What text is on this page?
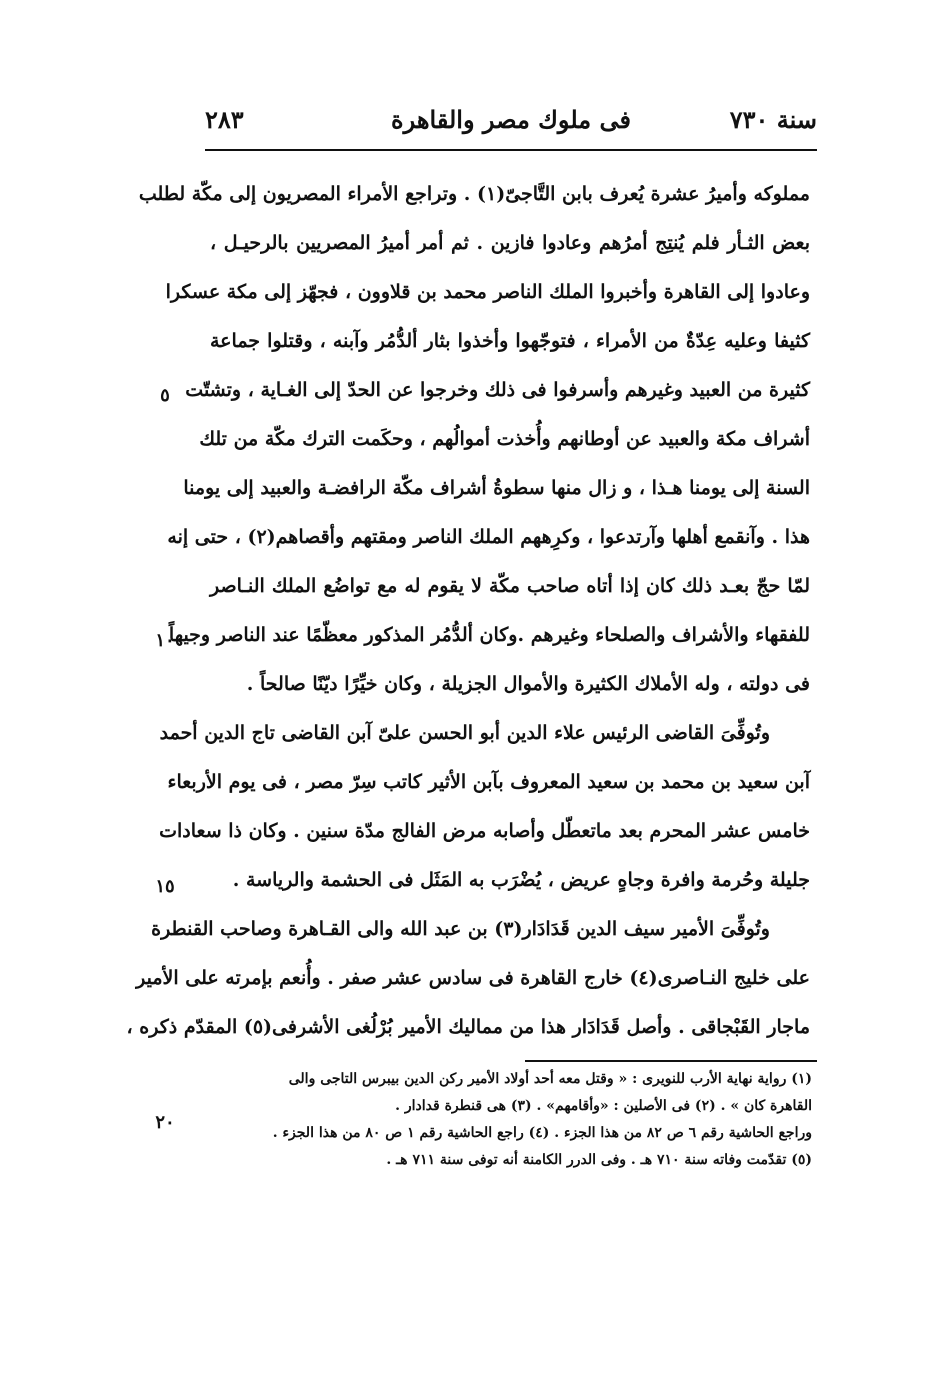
سنة ٧٣٠
فى ملوك مصر والقاهرة
٢٨٣
مملوكه وأميرُ عشرة يُعرف بابن التَّاجىّ(١) . وتراجع الأمراء المصريون إلى مكّة لطلب
بعض الثـأر فلم يُنتِج أمرُهم وعادوا فازين . ثم أمر أميرُ المصريين بالرحيـل ،
وعادوا إلى القاهرة وأخبروا الملك الناصر محمد بن قلاوون ، فجهّز إلى مكة عسكرا
كثيفا وعليه عِدّةٌ من الأمراء ، فتوجّهوا وأخذوا بثار ألدُّمُر وآبنه ، وقتلوا جماعة
كثيرة من العبيد وغيرهم وأسرفوا فى ذلك وخرجوا عن الحدّ إلى الغـاية ، وتشتّت
أشراف مكة والعبيد عن أوطانهم وأُخذت أموالُهم ، وحكَمت الترك مكّة من تلك
السنة إلى يومنا هـذا ، و زال منها سطوةُ أشراف مكّة الرافضـة والعبيد إلى يومنا
هذا . وآنقمع أهلها وآرتدعوا ، وكرِههم الملك الناصر ومقتهم وأقصاهم(٢) ، حتى إنه
لمّا حجّ بعـد ذلك كان إذا أتاه صاحب مكّة لا يقوم له مع تواضُع الملك النـاصر
للفقهاء والأشراف والصلحاء وغيرهم .وكان ألدُّمُر المذكور معظّمًا عند الناصر وجيهاً
فى دولته ، وله الأملاك الكثيرة والأموال الجزيلة ، وكان خيِّرًا ديّنًا صالحاً .
وتُوفِّىَ القاضى الرئيس علاء الدين أبو الحسن علىّ آبن القاضى تاج الدين أحمد
آبن سعيد بن محمد بن سعيد المعروف بآبن الأثير كاتب سِرّ مصر ، فى يوم الأربعاء
خامس عشر المحرم بعد ماتعطّل وأصابه مرض الفالج مدّة سنين . وكان ذا سعادات
جليلة وحُرمة وافرة وجاهٍ عريض ، يُضْرَب به المَثَل فى الحشمة والرياسة .
وتُوفِّىَ الأمير سيف الدين قَدَادَار(٣) بن عبد الله والى القـاهرة وصاحب القنطرة
على خليج النـاصرى(٤) خارج القاهرة فى سادس عشر صفر . وأُنعم بإمرته على الأمير
ماجار القَبْجاقى . وأصل قَدَادَار هذا من مماليك الأمير بُرْلُغى الأشرفى(٥) المقدّم ذكره ،
٥
١٠
١٥
٢٠
(١) رواية نهاية الأرب للنويرى : « وقتل معه أحد أولاد الأمير ركن الدين بيبرس التاجى والى
القاهرة كان » . (٢) فى الأصلين : «وأقامهم» . (٣) هى قنطرة قدادار .
وراجع الحاشية رقم ٦ ص ٨٢ من هذا الجزء . (٤) راجع الحاشية رقم ١ ص ٨٠ من هذا الجزء .
(٥) تقدّمت وفاته سنة ٧١٠ هـ . وفى الدرر الكامنة أنه توفى سنة ٧١١ هـ .
